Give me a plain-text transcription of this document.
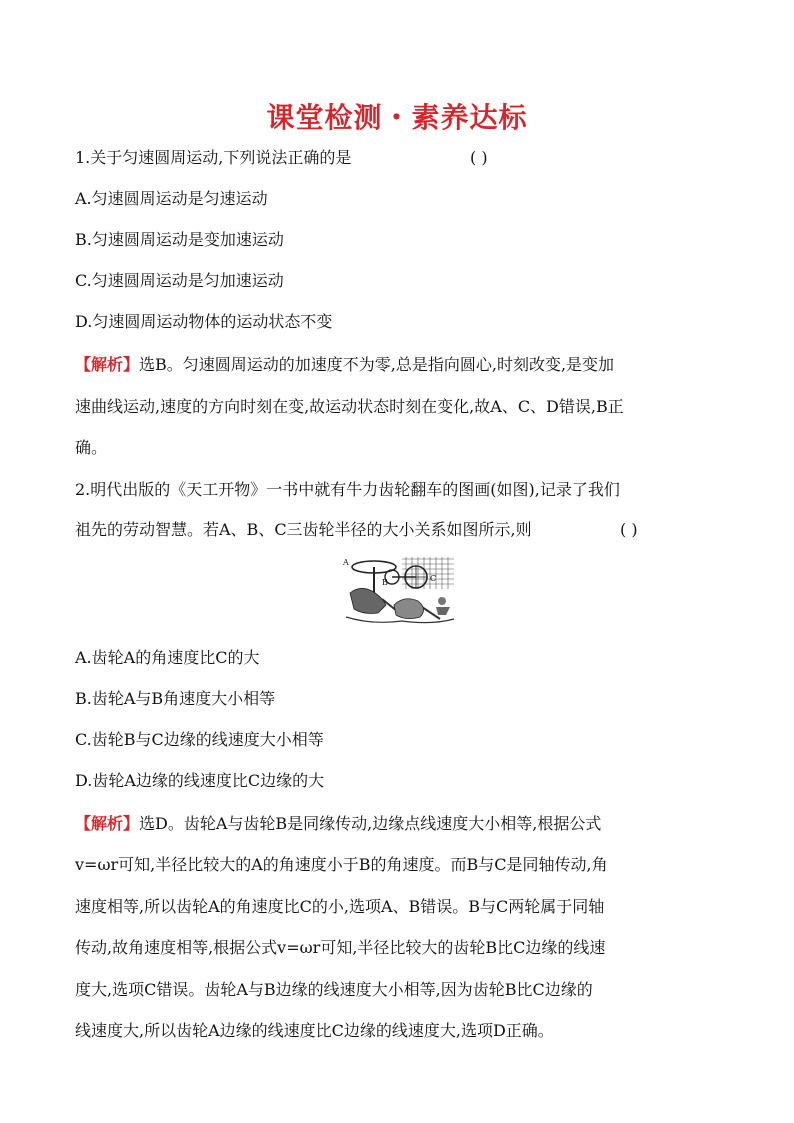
课堂检测・素养达标
1.关于匀速圆周运动,下列说法正确的是	( )
A.匀速圆周运动是匀速运动
B.匀速圆周运动是变加速运动
C.匀速圆周运动是匀加速运动
D.匀速圆周运动物体的运动状态不变
【解析】选B。匀速圆周运动的加速度不为零,总是指向圆心,时刻改变,是变加
速曲线运动,速度的方向时刻在变,故运动状态时刻在变化,故A、C、D错误,B正
确。
2.明代出版的《天工开物》一书中就有牛力齿轮翻车的图画(如图),记录了我们
祖先的劳动智慧。若A、B、C三齿轮半径的大小关系如图所示,则	( )
A
B	C
A.齿轮A的角速度比C的大
B.齿轮A与B角速度大小相等
C.齿轮B与C边缘的线速度大小相等
D.齿轮A边缘的线速度比C边缘的大
【解析】选D。齿轮A与齿轮B是同缘传动,边缘点线速度大小相等,根据公式
v=ωr可知,半径比较大的A的角速度小于B的角速度。而B与C是同轴传动,角
速度相等,所以齿轮A的角速度比C的小,选项A、B错误。B与C两轮属于同轴
传动,故角速度相等,根据公式v=ωr可知,半径比较大的齿轮B比C边缘的线速
度大,选项C错误。齿轮A与B边缘的线速度大小相等,因为齿轮B比C边缘的
线速度大,所以齿轮A边缘的线速度比C边缘的线速度大,选项D正确。
